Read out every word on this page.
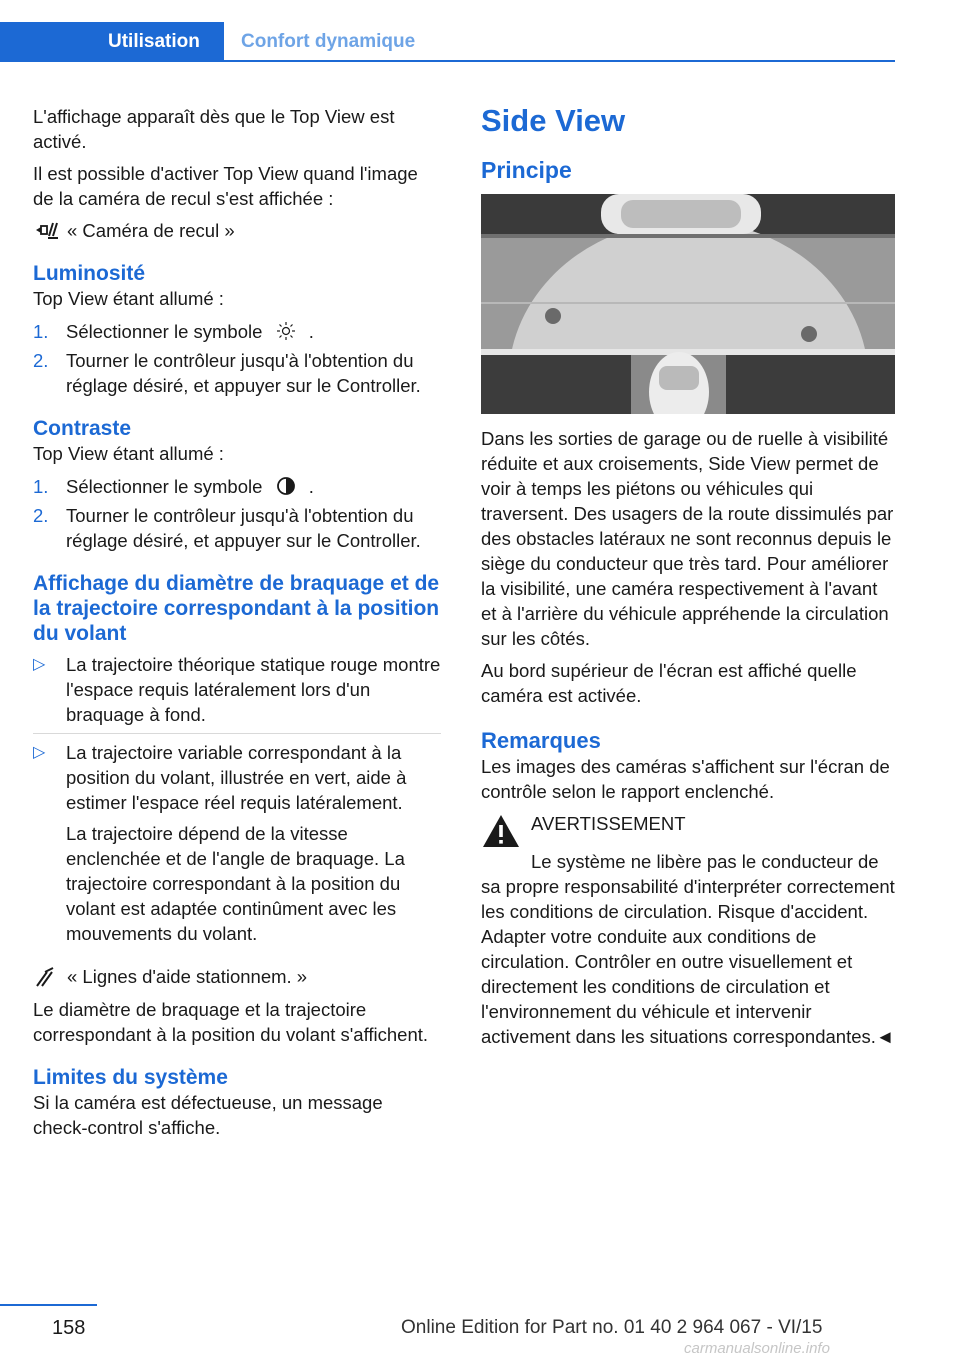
Utilisation	Confort dynamique

L'affichage apparaît dès que le Top View est activé.

Il est possible d'activer Top View quand l'image de la caméra de recul s'est affichée :

« Caméra de recul »
Luminosité

Top View étant allumé :

1. Sélectionner le symbole	.
2. Tourner le contrôleur jusqu'à l'obtention du réglage désiré, et appuyer sur le Controller.
Contraste

Top View étant allumé :

1. Sélectionner le symbole	.
2. Tourner le contrôleur jusqu'à l'obtention du réglage désiré, et appuyer sur le Controller.
Affichage du diamètre de braquage et de la trajectoire correspondant à la position du volant
▷ La trajectoire théorique statique rouge montre l'espace requis latéralement lors d'un braquage à fond.
▷ La trajectoire variable correspondant à la position du volant, illustrée en vert, aide à estimer l'espace réel requis latéralement.

La trajectoire dépend de la vitesse enclenchée et de l'angle de braquage. La trajectoire correspondant à la position du volant est adaptée continûment avec les mouvements du volant.

« Lignes d'aide stationnem. »

Le diamètre de braquage et la trajectoire correspondant à la position du volant s'affichent.

Limites du système

Si la caméra est défectueuse, un message check-control s'affiche.

Side View
Principe

Dans les sorties de garage ou de ruelle à visibilité réduite et aux croisements, Side View permet de voir à temps les piétons ou véhicules qui traversent. Des usagers de la route dissimulés par des obstacles latéraux ne sont reconnus depuis le siège du conducteur que très tard. Pour améliorer la visibilité, une caméra respectivement à l'avant et à l'arrière du véhicule appréhende la circulation sur les côtés.

Au bord supérieur de l'écran est affiché quelle caméra est activée.

Remarques

Les images des caméras s'affichent sur l'écran de contrôle selon le rapport enclenché.

AVERTISSEMENT

Le système ne libère pas le conducteur de sa propre responsabilité d'interpréter correctement les conditions de circulation. Risque d'accident. Adapter votre conduite aux conditions de circulation. Contrôler en outre visuellement et directement les conditions de circulation et l'environnement du véhicule et intervenir activement dans les situations correspondantes.◄

158	Online Edition for Part no. 01 40 2 964 067 - VI/15
carmanualsonline.info
